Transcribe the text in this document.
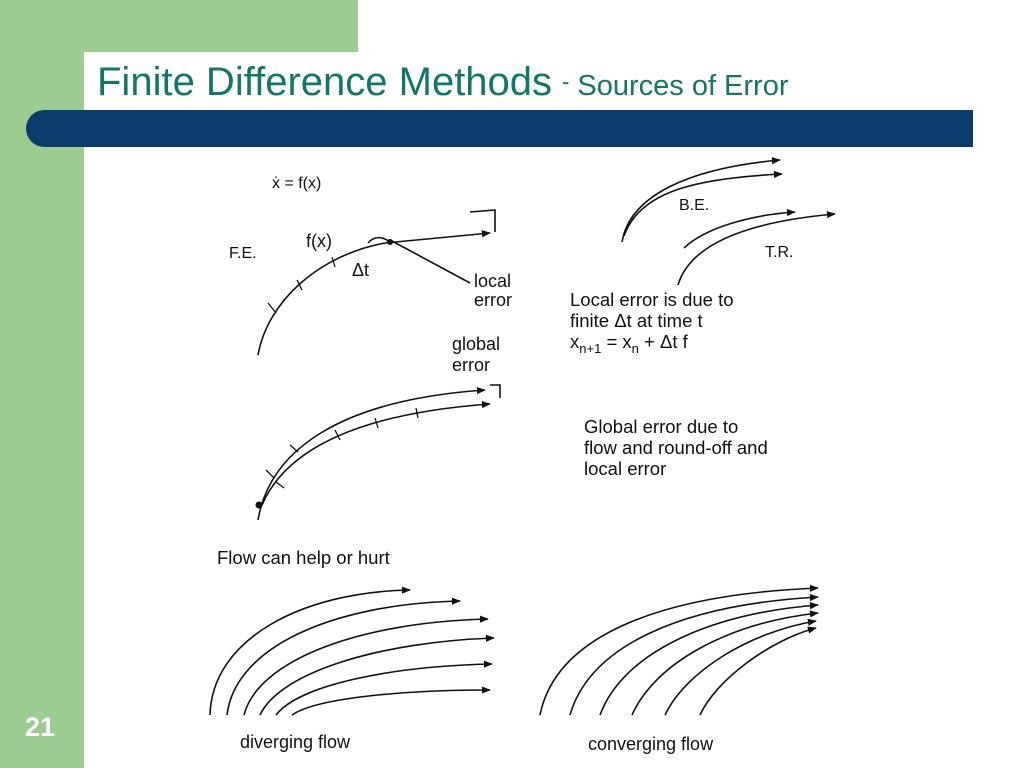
Finite Difference Methods - Sources of Error
21
ẋ = f(x)
F.E.
f(x)
Δt
local
error
B.E.
T.R.
Local error is due to
finite Δt at time t
$x_{n+1} = x_n + \Delta t$ f
global
error
Global error due to
flow and round-off and
local error
Flow can help or hurt
diverging flow	converging flow
